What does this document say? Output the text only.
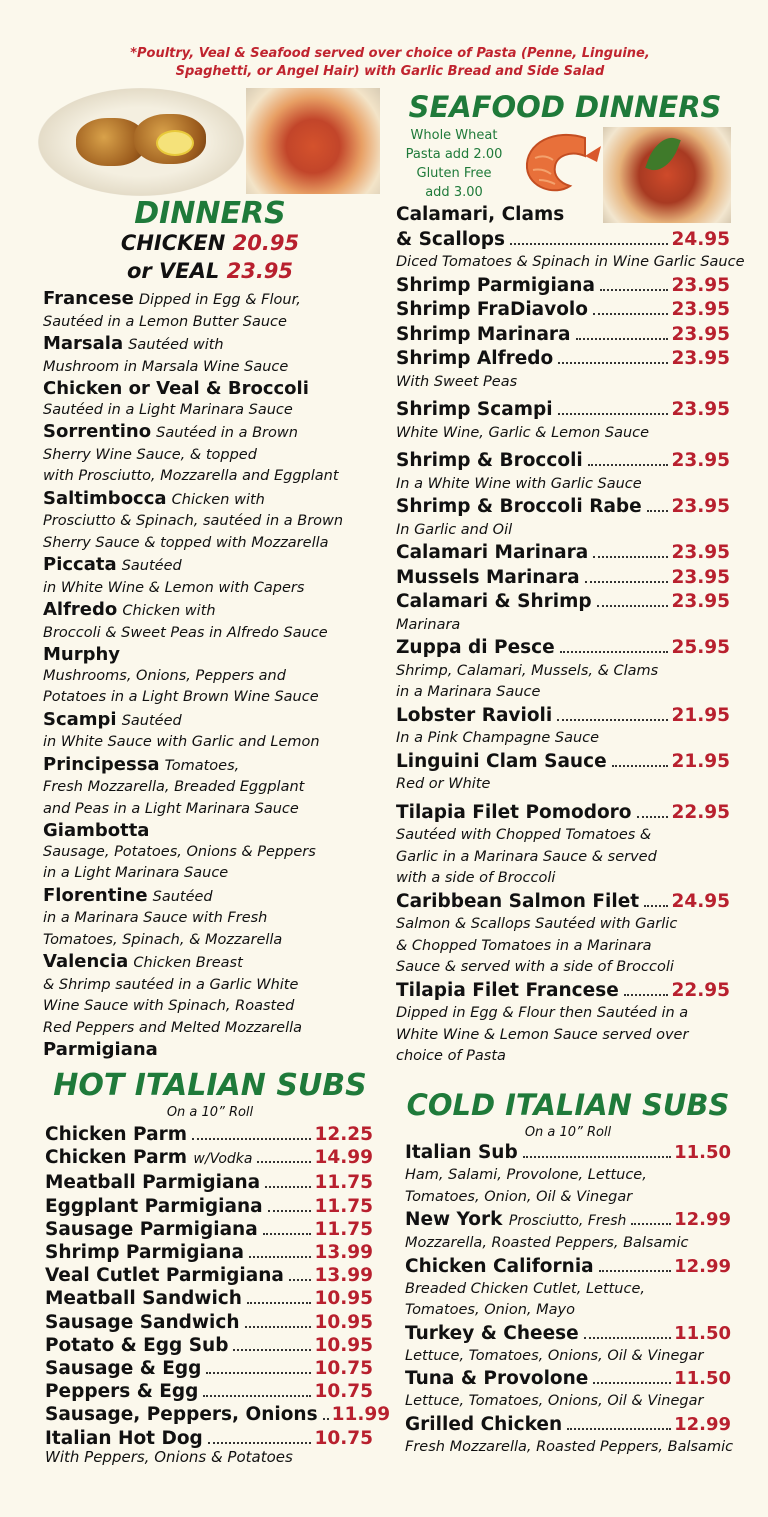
*Poultry, Veal & Seafood served over choice of Pasta (Penne, Linguine,
Spaghetti, or Angel Hair) with Garlic Bread and Side Salad
DINNERS
CHICKEN 20.95
or VEAL 23.95
Francese Dipped in Egg & Flour,
Sautéed in a Lemon Butter Sauce
Marsala Sautéed with
Mushroom in Marsala Wine Sauce
Chicken or Veal & Broccoli
Sautéed in a Light Marinara Sauce
Sorrentino Sautéed in a Brown
Sherry Wine Sauce, & topped
with Prosciutto, Mozzarella and Eggplant
Saltimbocca Chicken with
Prosciutto & Spinach, sautéed in a Brown
Sherry Sauce & topped with Mozzarella
Piccata Sautéed
in White Wine & Lemon with Capers
Alfredo Chicken with
Broccoli & Sweet Peas in Alfredo Sauce
Murphy
Mushrooms, Onions, Peppers and
Potatoes in a Light Brown Wine Sauce
Scampi Sautéed
in White Sauce with Garlic and Lemon
Principessa Tomatoes,
Fresh Mozzarella, Breaded Eggplant
and Peas in a Light Marinara Sauce
Giambotta
Sausage, Potatoes, Onions & Peppers
in a Light Marinara Sauce
Florentine Sautéed
in a Marinara Sauce with Fresh
Tomatoes, Spinach, & Mozzarella
Valencia Chicken Breast
& Shrimp sautéed in a Garlic White
Wine Sauce with Spinach, Roasted
Red Peppers and Melted Mozzarella
Parmigiana
SEAFOOD DINNERS
Whole Wheat
Pasta add 2.00
Gluten Free
add 3.00
Calamari, Clams
& Scallops	24.95
Diced Tomatoes & Spinach in Wine Garlic Sauce
Shrimp Parmigiana	23.95
Shrimp FraDiavolo	23.95
Shrimp Marinara	23.95
Shrimp Alfredo	23.95
With Sweet Peas
Shrimp Scampi	23.95
White Wine, Garlic & Lemon Sauce
Shrimp & Broccoli	23.95
In a White Wine with Garlic Sauce
Shrimp & Broccoli Rabe 23.95
In Garlic and Oil
Calamari Marinara	23.95
Mussels Marinara	23.95
Calamari & Shrimp	23.95
Marinara
Zuppa di Pesce	25.95
Shrimp, Calamari, Mussels, & Clams
in a Marinara Sauce
Lobster Ravioli	21.95
In a Pink Champagne Sauce
Linguini Clam Sauce	21.95
Red or White
Tilapia Filet Pomodoro 22.95
Sautéed with Chopped Tomatoes &
Garlic in a Marinara Sauce & served
with a side of Broccoli
Caribbean Salmon Filet 24.95
Salmon & Scallops Sautéed with Garlic
& Chopped Tomatoes in a Marinara
Sauce & served with a side of Broccoli
Tilapia Filet Francese	22.95
Dipped in Egg & Flour then Sautéed in a
White Wine & Lemon Sauce served over
choice of Pasta
HOT ITALIAN SUBS
On a 10” Roll
Chicken Parm	12.25
Chicken Parm w/Vodka	14.99
Meatball Parmigiana	11.75
Eggplant Parmigiana	11.75
Sausage Parmigiana	11.75
Shrimp Parmigiana	13.99
Veal Cutlet Parmigiana 13.99
Meatball Sandwich	10.95
Sausage Sandwich	10.95
Potato & Egg Sub	10.95
Sausage & Egg	10.75
Peppers & Egg	10.75
Sausage, Peppers, Onions 11.99
Italian Hot Dog	10.75
With Peppers, Onions & Potatoes
COLD ITALIAN SUBS
On a 10” Roll
Italian Sub	11.50
Ham, Salami, Provolone, Lettuce,
Tomatoes, Onion, Oil & Vinegar
New York Prosciutto, Fresh	12.99
Mozzarella, Roasted Peppers, Balsamic
Chicken California	12.99
Breaded Chicken Cutlet, Lettuce,
Tomatoes, Onion, Mayo
Turkey & Cheese	11.50
Lettuce, Tomatoes, Onions, Oil & Vinegar
Tuna & Provolone	11.50
Lettuce, Tomatoes, Onions, Oil & Vinegar
Grilled Chicken	12.99
Fresh Mozzarella, Roasted Peppers, Balsamic
